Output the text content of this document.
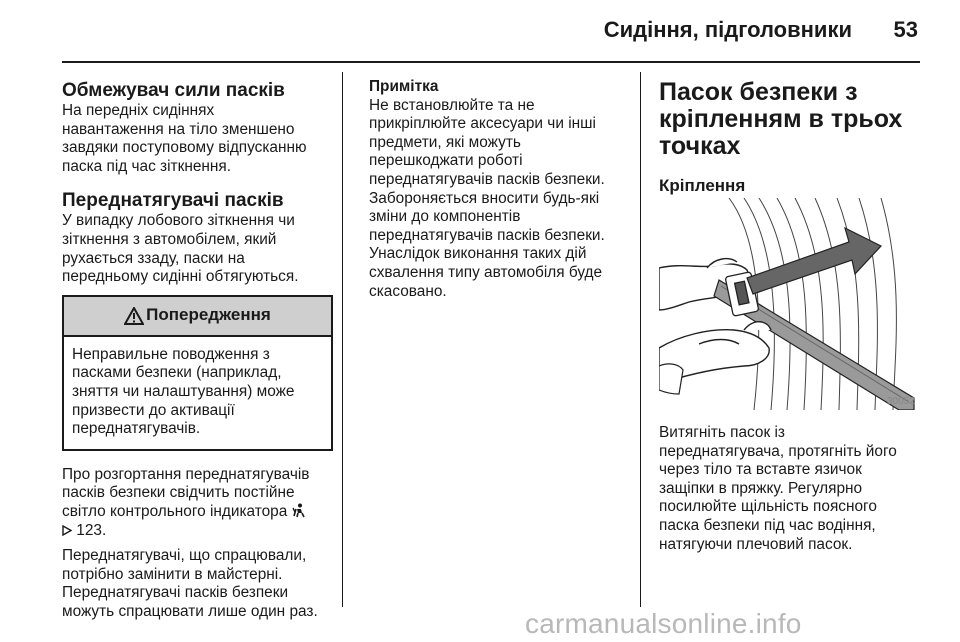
Сидіння, підголовники 53
Обмежувач сили пасків

На передніх сидіннях
навантаження на тіло зменшено
завдяки поступовому відпусканню
паска під час зіткнення.

Переднатягувачі пасків

У випадку лобового зіткнення чи
зіткнення з автомобілем, який
рухається ззаду, паски на
передньому сидінні обтягуються.

Попередження
Неправильне поводження з
пасками безпеки (наприклад,
зняття чи налаштування) може
призвести до активації
переднатягувачів.

Про розгортання переднатягувачів
пасків безпеки свідчить постійне
світло контрольного індикатора
123.

Переднатягувачі, що спрацювали,
потрібно замінити в майстерні.
Переднатягувачі пасків безпеки
можуть спрацювати лише один раз.

Примітка

Не встановлюйте та не
прикріплюйте аксесуари чи інші
предмети, які можуть
перешкоджати роботі
переднатягувачів пасків безпеки.
Забороняється вносити будь-які
зміни до компонентів
переднатягувачів пасків безпеки.
Унаслідок виконання таких дій
схвалення типу автомобіля буде
скасовано.

Пасок безпеки з
кріпленням в трьох
точках

Кріплення

30052

Витягніть пасок із
переднатягувача, протягніть його
через тіло та вставте язичок
защіпки в пряжку. Регулярно
посилюйте щільність поясного
паска безпеки під час водіння,
натягуючи плечовий пасок.

carmanualsonline.info
